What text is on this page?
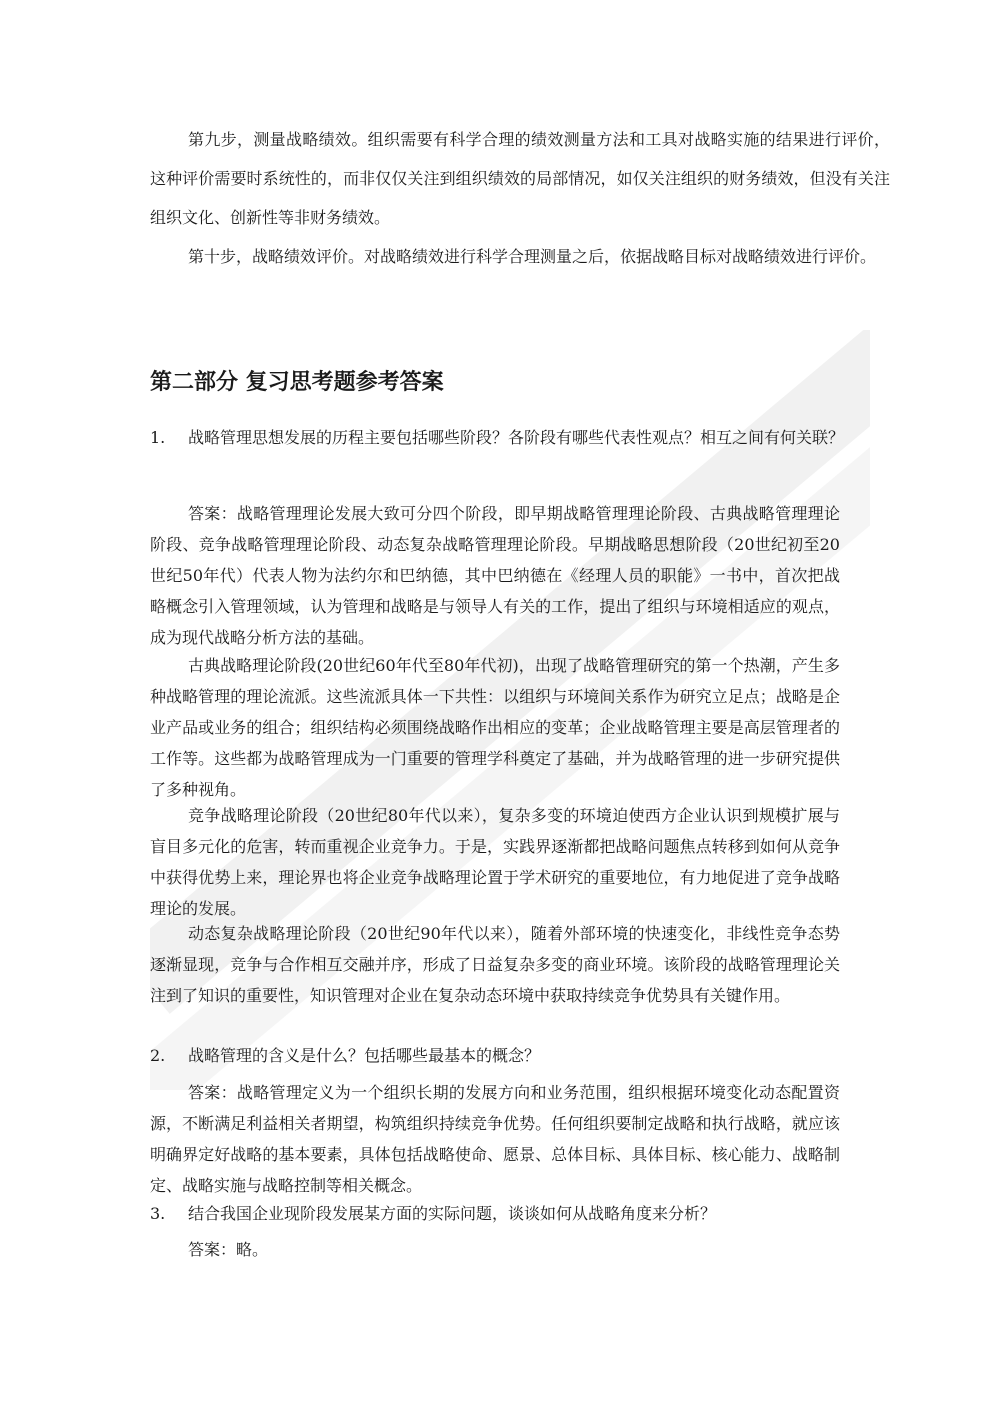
第九步，测量战略绩效。组织需要有科学合理的绩效测量方法和工具对战略实施的结果进行评价，这种评价需要时系统性的，而非仅仅关注到组织绩效的局部情况，如仅关注组织的财务绩效，但没有关注组织文化、创新性等非财务绩效。

第十步，战略绩效评价。对战略绩效进行科学合理测量之后，依据战略目标对战略绩效进行评价。

第二部分 复习思考题参考答案
1. 战略管理思想发展的历程主要包括哪些阶段？各阶段有哪些代表性观点？相互之间有何关联？

答案：战略管理理论发展大致可分四个阶段，即早期战略管理理论阶段、古典战略管理理论阶段、竞争战略管理理论阶段、动态复杂战略管理理论阶段。早期战略思想阶段（20世纪初至20世纪50年代）代表人物为法约尔和巴纳德，其中巴纳德在《经理人员的职能》一书中，首次把战略概念引入管理领域，认为管理和战略是与领导人有关的工作，提出了组织与环境相适应的观点，成为现代战略分析方法的基础。

古典战略理论阶段(20世纪60年代至80年代初)，出现了战略管理研究的第一个热潮，产生多种战略管理的理论流派。这些流派具体一下共性：以组织与环境间关系作为研究立足点；战略是企业产品或业务的组合；组织结构必须围绕战略作出相应的变革；企业战略管理主要是高层管理者的工作等。这些都为战略管理成为一门重要的管理学科奠定了基础，并为战略管理的进一步研究提供了多种视角。

竞争战略理论阶段（20世纪80年代以来），复杂多变的环境迫使西方企业认识到规模扩展与盲目多元化的危害，转而重视企业竞争力。于是，实践界逐渐都把战略问题焦点转移到如何从竞争中获得优势上来，理论界也将企业竞争战略理论置于学术研究的重要地位，有力地促进了竞争战略理论的发展。

动态复杂战略理论阶段（20世纪90年代以来），随着外部环境的快速变化，非线性竞争态势逐渐显现，竞争与合作相互交融并序，形成了日益复杂多变的商业环境。该阶段的战略管理理论关注到了知识的重要性，知识管理对企业在复杂动态环境中获取持续竞争优势具有关键作用。

2. 战略管理的含义是什么？包括哪些最基本的概念？

答案：战略管理定义为一个组织长期的发展方向和业务范围，组织根据环境变化动态配置资源，不断满足利益相关者期望，构筑组织持续竞争优势。任何组织要制定战略和执行战略，就应该明确界定好战略的基本要素，具体包括战略使命、愿景、总体目标、具体目标、核心能力、战略制定、战略实施与战略控制等相关概念。

3. 结合我国企业现阶段发展某方面的实际问题，谈谈如何从战略角度来分析？

答案：略。
